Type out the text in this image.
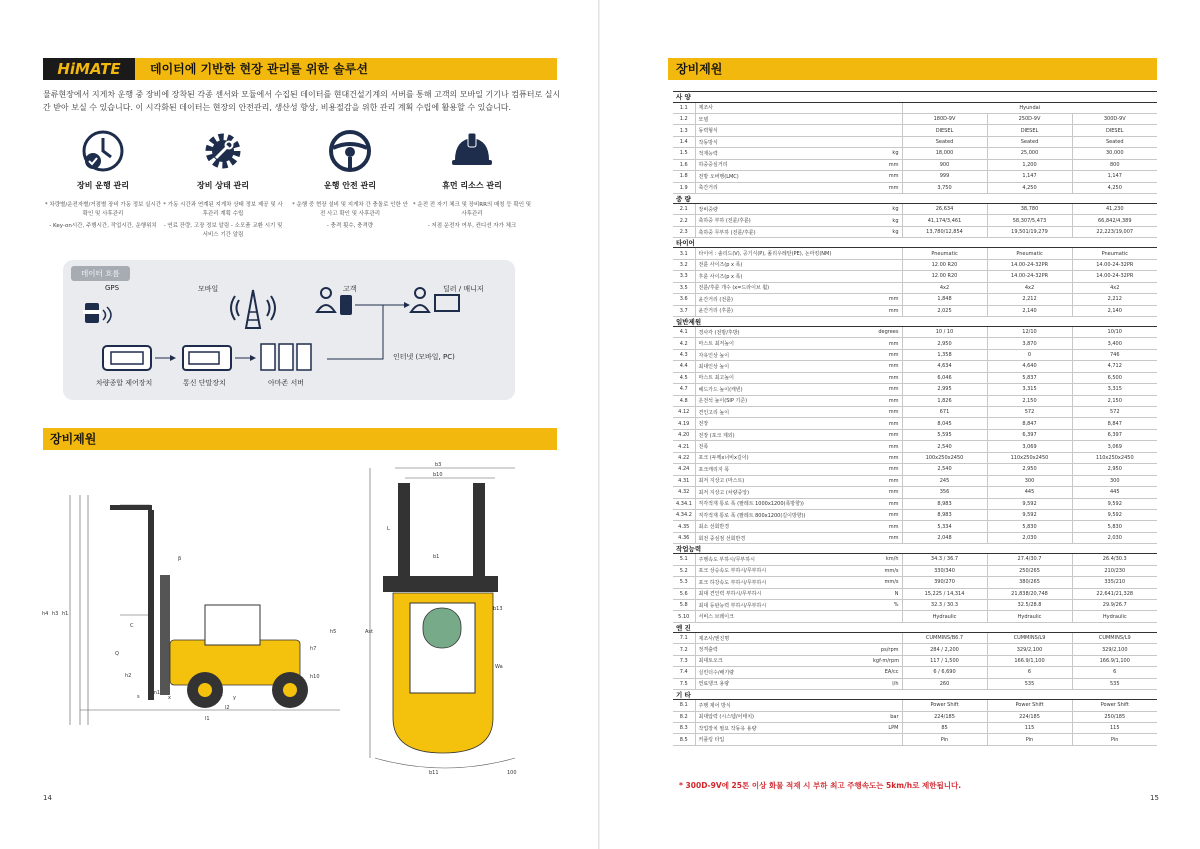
HiMATE	데이터에 기반한 현장 관리를 위한 솔루션
물류현장에서 지게차 운행 중 장비에 장착된 각종 센서와 모듈에서 수집된 데이터를 현대건설기계의 서버를 통해 고객의 모바일 기기나 컴퓨터로 실시간 받아 보실 수 있습니다. 이 시각화된 데이터는 현장의 안전관리, 생산성 향상, 비용절감을 위한 관리 계획 수립에 활용할 수 있습니다.
장비 운행 관리
* 차량별/운전자별/거점별 장비 가동 정보 실시간 확인 및 사후관리
- Key-on시간, 주행시간, 작업시간, 운행위치
장비 상태 관리
* 가동 시간과 연계된 지게차 상태 정보 제공 및 사후관리 계획 수립
- 연료 잔량, 고장 정보 알림 - 소모품 교환 시기 및 서비스 기간 알림
운행 안전 관리
* 운행 중 현장 설비 및 지게차 간 충돌로 인한 안전 사고 확인 및 사후관리
- 충격 횟수, 충격량
휴먼 리소스 관리
* 운전 전 자기 체크 및 장비RR의 매칭 등 확인 및 사후관리
- 저점 운전자 여부, 컨디션 자가 체크
데이터 흐름
GPS	모바일	고객	딜러 / 매니저
차량종합 제어장치	통신 단말장치	아마존 서버
인터넷 (모바일, PC)
장비제원
h4 h3 h1
C
Q
h2
α	β
h5
h7
h10
s
m1
x	m2 y
l2
l1
b3
b10
b1
E
b13
Ast
Wa
b11	100
L
14
장비제원
15
사 양					
1.1	제조사		Hyundai		
1.2	모델		180D-9V	250D-9V	300D-9V
1.3	동력형식		DIESEL	DIESEL	DIESEL
1.4	작동방식		Seated	Seated	Seated
1.5	적재능력	kg	18,000	25,000	30,000
1.6	하중중심거리	mm	900	1,200	800
1.8	전방 오버행(LMC)	mm	999	1,147	1,147
1.9	축간거리	mm	3,750	4,250	4,250
중 량					
2.1	장비중량	kg	26,634	38,780	41,230
2.2	축하중 부하 (전륜/후륜)	kg	41,174/3,461	58,307/5,473	66,842/4,389
2.3	축하중 무부하 (전륜/후륜)	kg	13,780/12,854	19,501/19,279	22,223/19,007
타이어					
3.1	타이어 : 솔리드(V), 공기식(P), 폴리우레탄(PE), 논마킹(NM)		Pneumatic	Pneumatic	Pneumatic
3.2	전륜 사이즈(p x 폭)		12.00 R20	14.00-24-32PR	14.00-24-32PR
3.3	후륜 사이즈(p x 폭)		12.00 R20	14.00-24-32PR	14.00-24-32PR
3.5	전륜/후륜 개수 (x=드라이브 휠)		4x2	4x2	4x2
3.6	윤간거리 (전륜)	mm	1,848	2,212	2,212
3.7	윤간거리 (후륜)	mm	2,025	2,140	2,140
일반제원					
4.1	경사각 (전방/후방)	degrees	10 / 10	12/10	10/10
4.2	마스트 최저높이	mm	2,950	3,870	3,400
4.3	자유인상 높이	mm	1,358	0	746
4.4	최대인상 높이	mm	4,634	4,640	4,712
4.5	마스트 최고높이	mm	6,046	5,837	6,500
4.7	헤드가드 높이(캐빈)	mm	2,995	3,315	3,315
4.8	운전석 높이(SIP 기준)	mm	1,826	2,150	2,150
4.12	견인고리 높이	mm	671	572	572
4.19	전장	mm	8,045	8,847	8,847
4.20	전장 (포크 제외)	mm	5,595	6,397	6,397
4.21	전폭	mm	2,540	3,069	3,069
4.22	포크 (두께x너비x길이)	mm	100x250x2450	110x250x2450	110x250x2450
4.24	포크캐리지 폭	mm	2,540	2,950	2,950
4.31	최저 지상고 (마스트)	mm	245	300	300
4.32	최저 지상고 (차량중앙)	mm	356	445	445
4.34.1	직각적재 통로 폭 (팔레트 1000x1200(폭방향))	mm	8,983	9,592	9,592
4.34.2	직각적재 통로 폭 (팔레트 800x1200(길이방향))	mm	8,983	9,592	9,592
4.35	최소 선회반경	mm	5,334	5,830	5,830
4.36	회전 중심점 선회반경	mm	2,048	2,030	2,030
작업능력					
5.1	주행속도 부하시/무부하시	km/h	34.3 / 36.7	27.4/30.7	26.4/30.3
5.2	포크 상승속도 부하시/무부하시	mm/s	330/340	250/265	210/230
5.3	포크 하강속도 부하시/무부하시	mm/s	390/270	380/265	335/210
5.6	최대 견인력 부하시/무부하시	N	15,225 / 14,314	21,838/20,748	22,641/21,328
5.8	최대 등판능력 부하시/무부하시	%	32.3 / 30.3	32.5/28.8	29.9/26.7
5.10	서비스 브레이크		Hydraulic	Hydraulic	Hydraulic
엔 진					
7.1	제조사/엔진명		CUMMINS/B6.7	CUMMINS/L9	CUMMINS/L9
7.2	정격출력	ps/rpm	284 / 2,200	329/2,100	329/2,100
7.3	최대토오크	kgf·m/rpm	117 / 1,500	166.9/1,100	166.9/1,100
7.4	실린더수/배기량	EA/cc	6 / 6,690	6	6
7.5	연료탱크 용량	l/h	260	535	535
기 타					
8.1	주행 제어 방식		Power Shift	Power Shift	Power Shift
8.2	최대압력 (시스템/어태치)	bar	224/185	224/185	250/185
8.3	작업장치 필요 작동유 용량	LPM	85	115	115
8.5	커플링 타입		Pin	Pin	Pin
* 300D-9V에 25톤 이상 화물 적재 시 부하 최고 주행속도는 5km/h로 제한됩니다.
